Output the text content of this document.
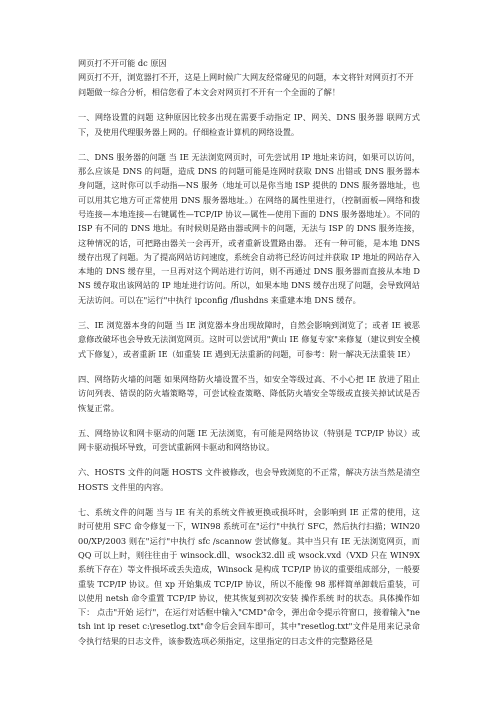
网页打不开可能 dc 原因

网页打不开，浏览器打不开，这是上网时候广大网友经常碰见的问题，本文将针对网页打不开问题做一综合分析，相信您看了本文会对网页打不开有一个全面的了解！

一、网络设置的问题 这种原因比较多出现在需要手动指定 IP、网关、DNS 服务器 联网方式下，及使用代理服务器上网的。仔细检查计算机的网络设置。

二、DNS 服务器的问题 当 IE 无法浏览网页时，可先尝试用 IP 地址来访问，如果可以访问，那么应该是 DNS 的问题，造成 DNS 的问题可能是连网时获取 DNS 出错或 DNS 服务器本身问题，这时你可以手动指—NS 服务（地址可以是你当地 ISP 提供的 DNS 服务器地址，也可以用其它地方可正常使用 DNS 服务器地址。）在网络的属性里进行，（控制面板—网络和拨号连接—本地连接—右键属性—TCP/IP 协议—属性—使用下面的 DNS 服务器地址）。不同的 ISP 有不同的 DNS 地址。有时候则是路由器或网卡的问题，无法与 ISP 的 DNS 服务连接，这种情况的话，可把路由器关一会再开，或者重新设置路由器。 还有一种可能，是本地 DNS 缓存出现了问题。为了提高网站访问速度，系统会自动将已经访问过并获取 IP 地址的网站存入本地的 DNS 缓存里，一旦再对这个网站进行访问，则不再通过 DNS 服务器而直接从本地 DNS 缓存取出该网站的 IP 地址进行访问。所以，如果本地 DNS 缓存出现了问题，会导致网站无法访问。可以在"运行"中执行 ipconfig /flushdns 来重建本地 DNS 缓存。

三、IE 浏览器本身的问题 当 IE 浏览器本身出现故障时，自然会影响到浏览了；或者 IE 被恶意修改破坏也会导致无法浏览网页。这时可以尝试用"黄山 IE 修复专家"来修复（建议到安全模式下修复），或者重新 IE（如重装 IE 遇到无法重新的问题，可参考：附一解决无法重装 IE）

四、网络防火墙的问题 如果网络防火墙设置不当，如安全等级过高、不小心把 IE 放进了阻止访问列表、错误的防火墙策略等，可尝试检查策略、降低防火墙安全等级或直接关掉试试是否恢复正常。

五、网络协议和网卡驱动的问题 IE 无法浏览，有可能是网络协议（特别是 TCP/IP 协议）或网卡驱动损坏导致，可尝试重新网卡驱动和网络协议。

六、HOSTS 文件的问题 HOSTS 文件被修改，也会导致浏览的不正常，解决方法当然是清空 HOSTS 文件里的内容。

七、系统文件的问题 当与 IE 有关的系统文件被更换或损坏时，会影响到 IE 正常的使用，这时可使用 SFC 命令修复一下，WIN98 系统可在"运行"中执行 SFC，然后执行扫描；WIN2000/XP/2003 则在"运行"中执行 sfc /scannow 尝试修复。其中当只有 IE 无法浏览网页，而 QQ 可以上时，则往往由于 winsock.dll、wsock32.dll 或 wsock.vxd（VXD 只在 WIN9X 系统下存在）等文件损坏或丢失造成，Winsock 是构成 TCP/IP 协议的重要组成部分，一般要重装 TCP/IP 协议。但 xp 开始集成 TCP/IP 协议，所以不能像 98 那样简单卸载后重装，可以使用 netsh 命令重置 TCP/IP 协议，使其恢复到初次安装 操作系统 时的状态。具体操作如下： 点击"开始 运行"，在运行对话框中输入"CMD"命令，弹出命令提示符窗口，接着输入"netsh int ip reset c:\resetlog.txt"命令后会回车即可，其中"resetlog.txt"文件是用来记录命令执行结果的日志文件，该参数选项必须指定，这里指定的日志文件的完整路径是
